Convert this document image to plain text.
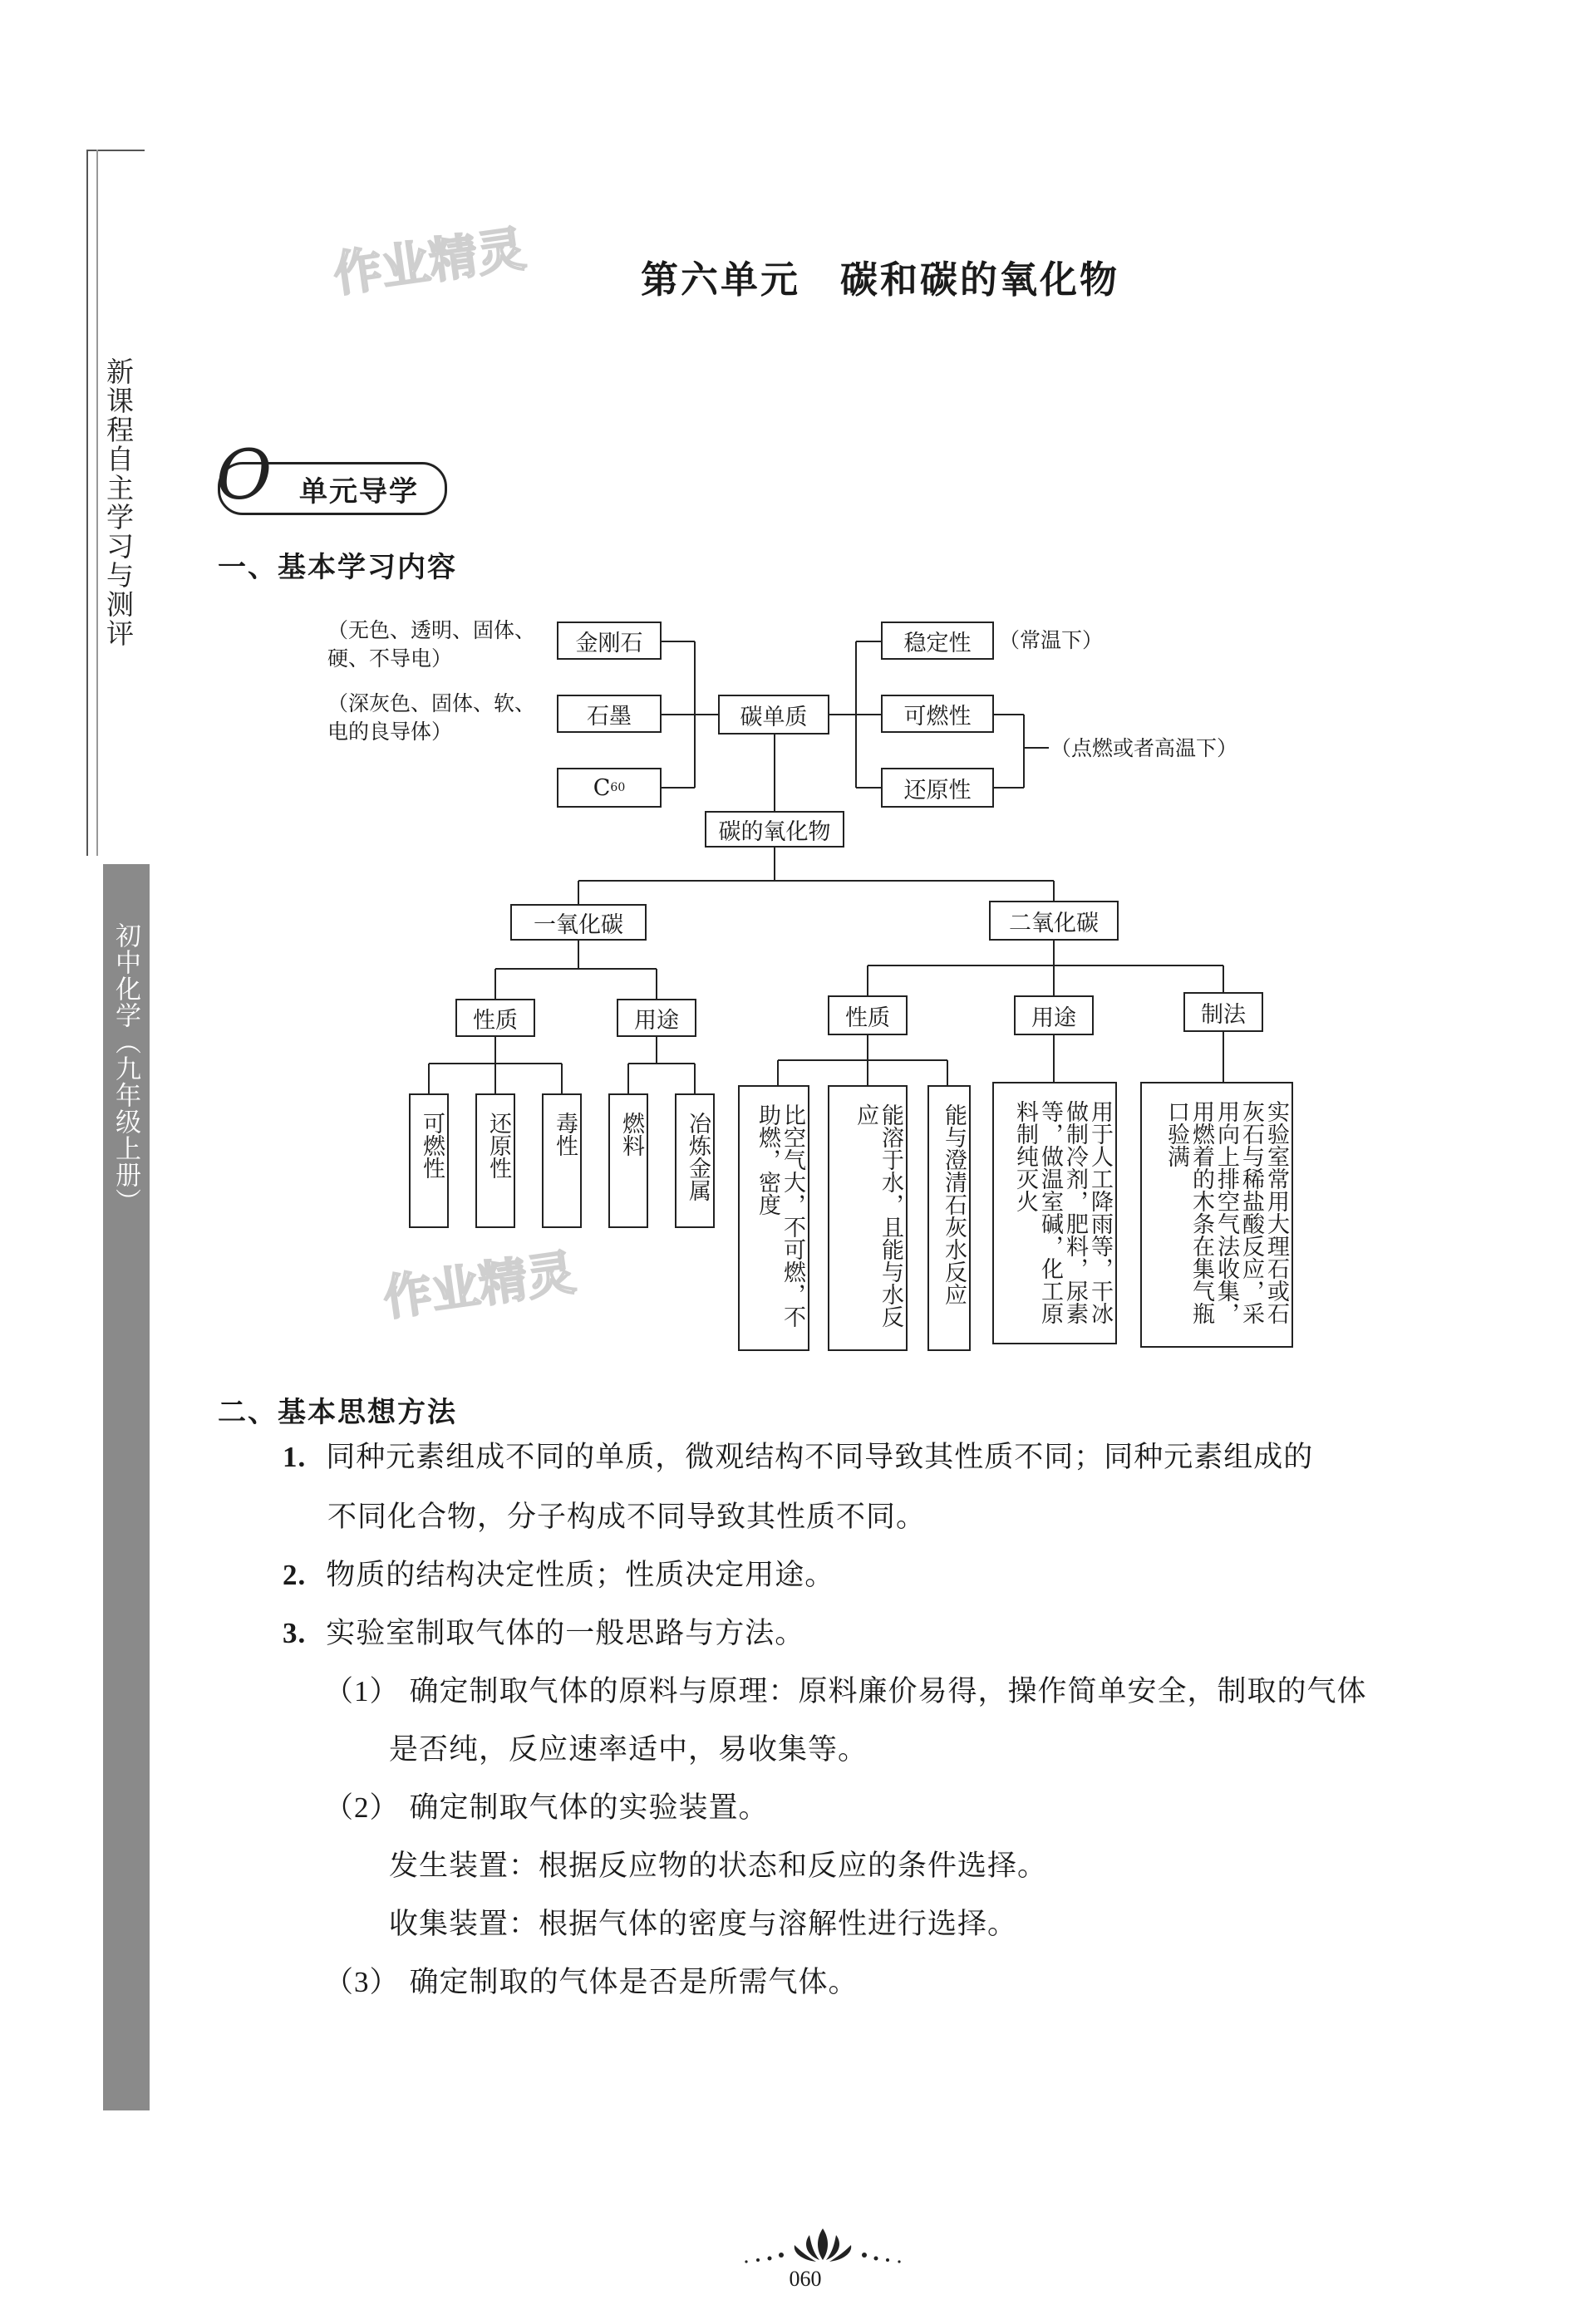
新课程自主学习与测评
初中化学（九年级上册）
作业精灵
作业精灵
第六单元　碳和碳的氧化物
O 单元导学
一、基本学习内容
（无色、透明、固体、硬、不导电）
（深灰色、固体、软、电的良导体）
（常温下）
（点燃或者高温下）
金刚石
石墨
C 60
碳单质
稳定性
可燃性
还原性
碳的氧化物
一氧化碳	二氧化碳
性质	用途	性质	用途	制法
可燃性	还原性	毒性	燃料	冶炼金属	比空气大，不可燃，不助燃，密度	能溶于水，且能与水反应	能与澄清石灰水反应	用于人工降雨等，干冰做制冷剂，肥料，尿素等，做温室碱，化工原料制纯灭火	实验室常用大理石或石灰石与稀盐酸反应，采用向上排空气法收集，用燃着的木条在集气瓶口验满
二、基本思想方法
1. 同种元素组成不同的单质，微观结构不同导致其性质不同；同种元素组成的
不同化合物，分子构成不同导致其性质不同。
2. 物质的结构决定性质；性质决定用途。
3. 实验室制取气体的一般思路与方法。
（1） 确定制取气体的原料与原理：原料廉价易得，操作简单安全，制取的气体
是否纯，反应速率适中，易收集等。
（2） 确定制取气体的实验装置。
发生装置：根据反应物的状态和反应的条件选择。
收集装置：根据气体的密度与溶解性进行选择。
（3） 确定制取的气体是否是所需气体。
060
